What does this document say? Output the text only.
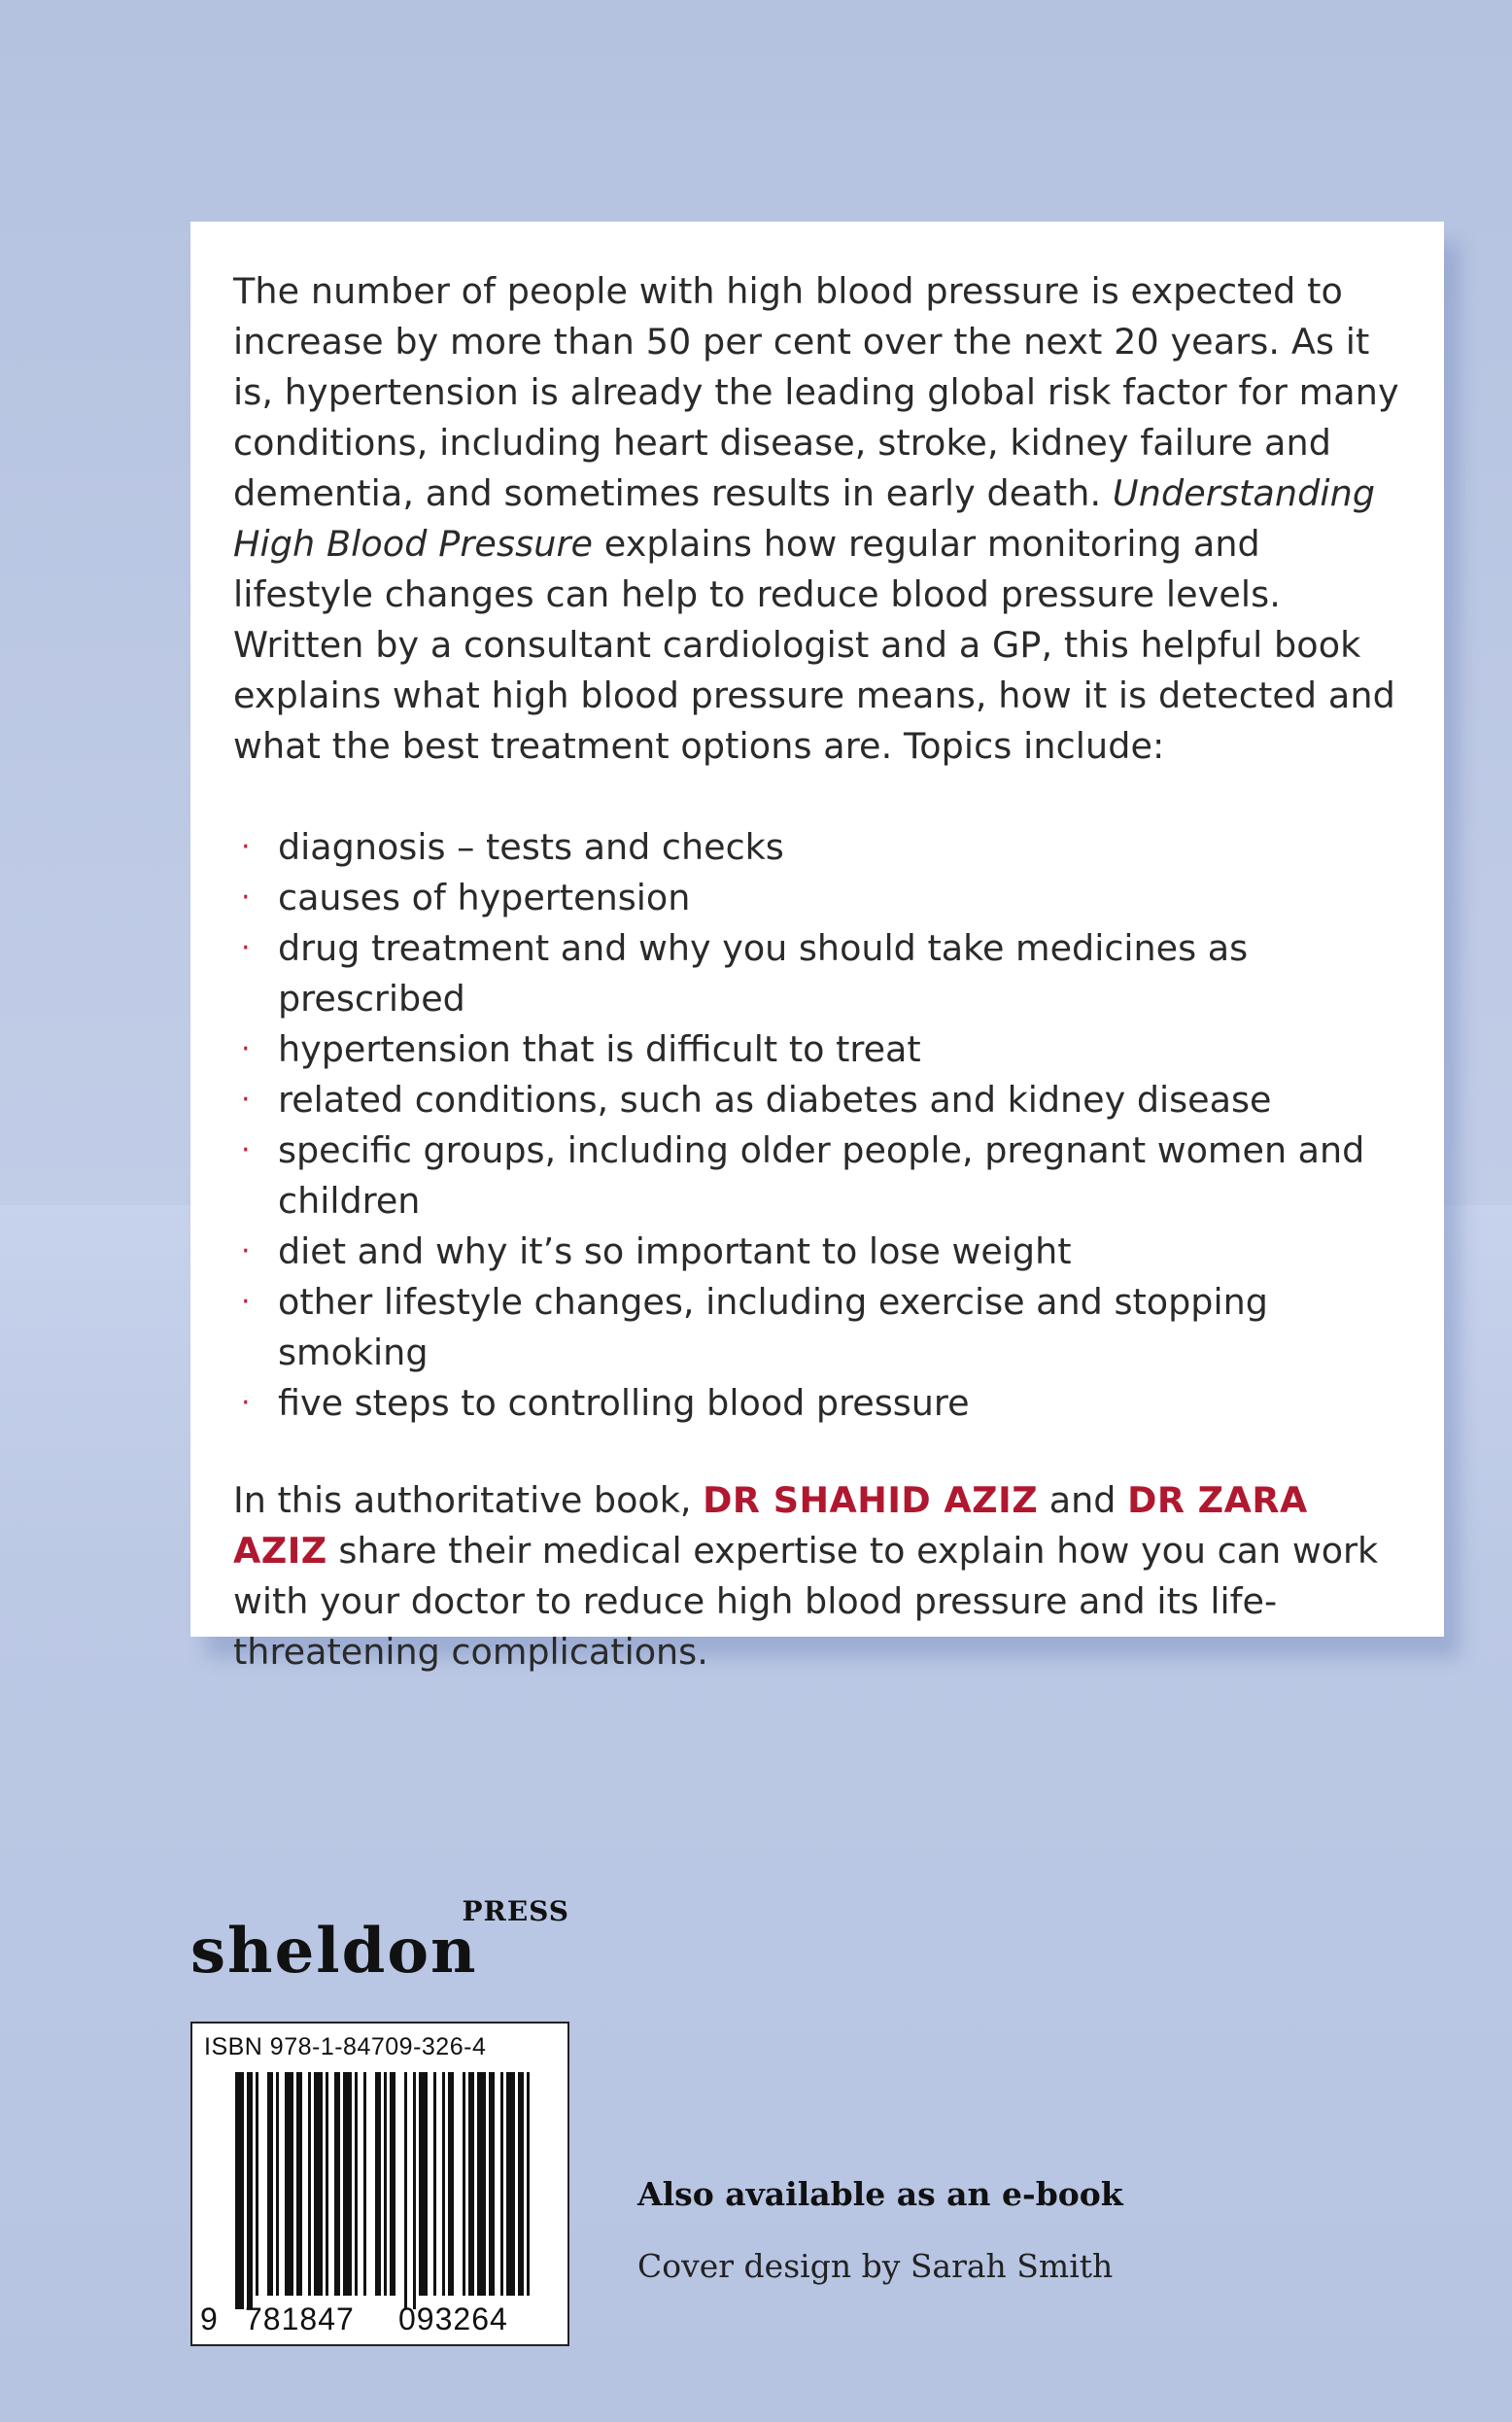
The number of people with high blood pressure is expected to increase by more than 50 per cent over the next 20 years. As it is, hypertension is already the leading global risk factor for many conditions, including heart disease, stroke, kidney failure and dementia, and sometimes results in early death. Understanding High Blood Pressure explains how regular monitoring and lifestyle changes can help to reduce blood pressure levels. Written by a consultant cardiologist and a GP, this helpful book explains what high blood pressure means, how it is detected and what the best treatment options are. Topics include:

· diagnosis – tests and checks
· causes of hypertension
· drug treatment and why you should take medicines as prescribed
· hypertension that is difficult to treat
· related conditions, such as diabetes and kidney disease
· specific groups, including older people, pregnant women and children
· diet and why it’s so important to lose weight
· other lifestyle changes, including exercise and stopping smoking
· five steps to controlling blood pressure

In this authoritative book, DR SHAHID AZIZ and DR ZARA AZIZ share their medical expertise to explain how you can work with your doctor to reduce high blood pressure and its life-threatening complications.

PRESS
sheldon
ISBN 978-1-84709-326-4
9 781847 093264
Also available as an e-book
Cover design by Sarah Smith
